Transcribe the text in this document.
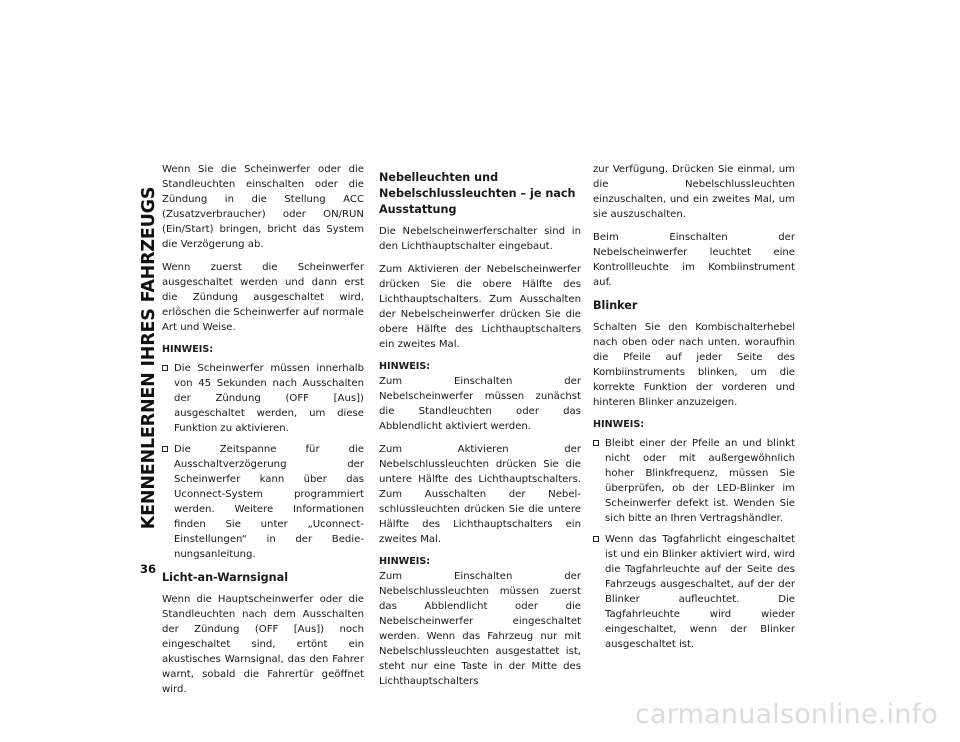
KENNENLERNEN IHRES FAHRZEUGS
36

Wenn Sie die Scheinwerfer oder die Standleuchten einschalten oder die Zündung in die Stellung ACC (Zusatzverbraucher) oder ON/RUN (Ein/Start) bringen, bricht das System die Verzögerung ab.

Wenn zuerst die Scheinwerfer ausgeschaltet werden und dann erst die Zündung ausgeschaltet wird, erlöschen die Scheinwerfer auf normale Art und Weise.

HINWEIS:
Die Scheinwerfer müssen innerhalb von 45 Sekunden nach Ausschalten der Zündung (OFF [Aus]) ausgeschaltet werden, um diese Funktion zu aktivieren.
Die Zeitspanne für die Ausschaltverzögerung der Scheinwerfer kann über das Uconnect-System programmiert werden. Weitere Informationen finden Sie unter „Uconnect-Einstellungen“ in der Bedienungsanleitung.
Licht-an-Warnsignal

Wenn die Hauptscheinwerfer oder die Standleuchten nach dem Ausschalten der Zündung (OFF [Aus]) noch eingeschaltet sind, ertönt ein akustisches Warnsignal, das den Fahrer warnt, sobald die Fahrertür geöffnet wird.

Nebelleuchten und Nebelschlussleuchten – je nach Ausstattung

Die Nebelscheinwerferschalter sind in den Lichthauptschalter eingebaut.

Zum Aktivieren der Nebelscheinwerfer drücken Sie die obere Hälfte des Lichthauptschalters. Zum Ausschalten der Nebelscheinwerfer drücken Sie die obere Hälfte des Lichthauptschalters ein zweites Mal.

HINWEIS:

Zum Einschalten der Nebelscheinwerfer müssen zunächst die Standleuchten oder das Abblendlicht aktiviert werden.

Zum Aktivieren der Nebelschlussleuchten drücken Sie die untere Hälfte des Lichthauptschalters. Zum Ausschalten der Nebelschlussleuchten drücken Sie die untere Hälfte des Lichthauptschalters ein zweites Mal.

HINWEIS:

Zum Einschalten der Nebelschlussleuchten müssen zuerst das Abblendlicht oder die Nebelscheinwerfer eingeschaltet werden. Wenn das Fahrzeug nur mit Nebelschlussleuchten ausgestattet ist, steht nur eine Taste in der Mitte des Lichthauptschalters

zur Verfügung. Drücken Sie einmal, um die Nebelschlussleuchten einzuschalten, und ein zweites Mal, um sie auszuschalten.

Beim Einschalten der Nebelscheinwerfer leuchtet eine Kontrollleuchte im Kombiinstrument auf.

Blinker

Schalten Sie den Kombischalterhebel nach oben oder nach unten. woraufhin die Pfeile auf jeder Seite des Kombiinstruments blinken, um die korrekte Funktion der vorderen und hinteren Blinker anzuzeigen.

HINWEIS:
Bleibt einer der Pfeile an und blinkt nicht oder mit außergewöhnlich hoher Blinkfrequenz, müssen Sie überprüfen, ob der LED-Blinker im Scheinwerfer defekt ist. Wenden Sie sich bitte an Ihren Vertragshändler.
Wenn das Tagfahrlicht eingeschaltet ist und ein Blinker aktiviert wird, wird die Tagfahrleuchte auf der Seite des Fahrzeugs ausgeschaltet, auf der der Blinker aufleuchtet. Die Tagfahrleuchte wird wieder eingeschaltet, wenn der Blinker ausgeschaltet ist.
carmanualsonline.info
